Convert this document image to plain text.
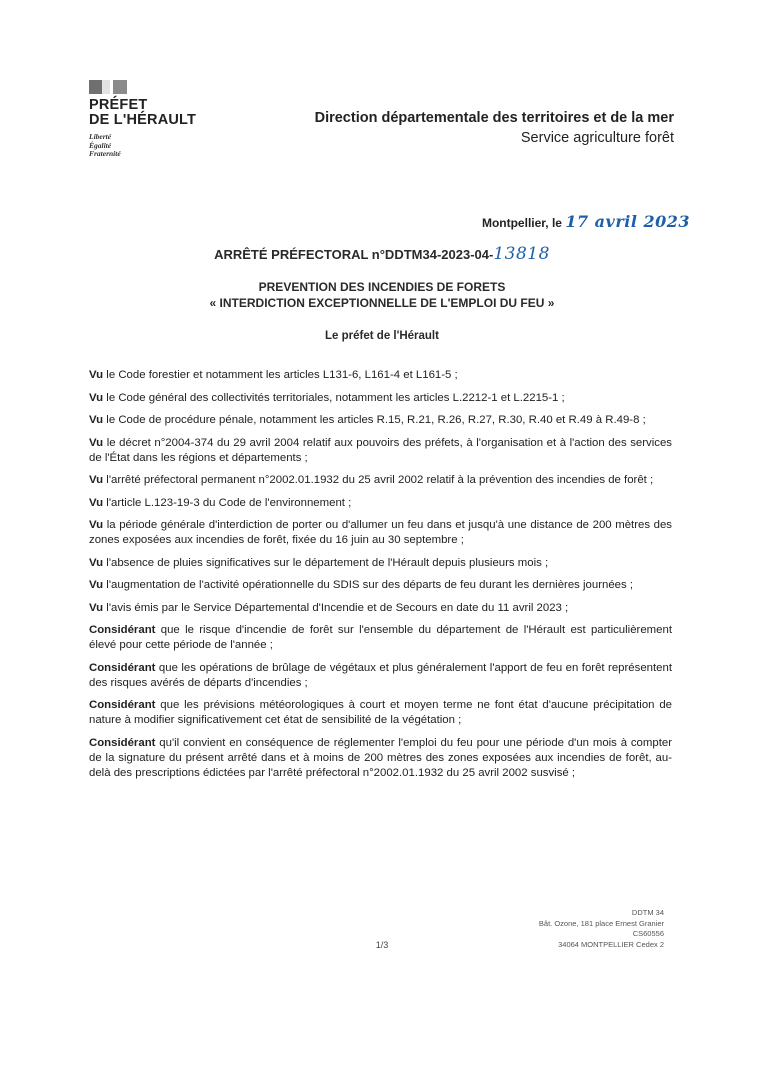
PRÉFET
DE L'HÉRAULT
Liberté
Égalité
Fraternité
Direction départementale des territoires et de la mer
Service agriculture forêt
Montpellier, le 17 avril 2023
ARRÊTÉ PRÉFECTORAL n°DDTM34-2023-04-13818
PREVENTION DES INCENDIES DE FORETS
« INTERDICTION EXCEPTIONNELLE DE L'EMPLOI DU FEU »
Le préfet de l'Hérault

Vu le Code forestier et notamment les articles L131-6, L161-4 et L161-5 ;

Vu le Code général des collectivités territoriales, notamment les articles L.2212-1 et L.2215-1 ;

Vu le Code de procédure pénale, notamment les articles R.15, R.21, R.26, R.27, R.30, R.40 et R.49 à R.49-8 ;

Vu le décret n°2004-374 du 29 avril 2004 relatif aux pouvoirs des préfets, à l'organisation et à l'action des services de l'État dans les régions et départements ;

Vu l'arrêté préfectoral permanent n°2002.01.1932 du 25 avril 2002 relatif à la prévention des incendies de forêt ;

Vu l'article L.123-19-3 du Code de l'environnement ;

Vu la période générale d'interdiction de porter ou d'allumer un feu dans et jusqu'à une distance de 200 mètres des zones exposées aux incendies de forêt, fixée du 16 juin au 30 septembre ;

Vu l'absence de pluies significatives sur le département de l'Hérault depuis plusieurs mois ;

Vu l'augmentation de l'activité opérationnelle du SDIS sur des départs de feu durant les dernières journées ;

Vu l'avis émis par le Service Départemental d'Incendie et de Secours en date du 11 avril 2023 ;

Considérant que le risque d'incendie de forêt sur l'ensemble du département de l'Hérault est particulièrement élevé pour cette période de l'année ;

Considérant que les opérations de brûlage de végétaux et plus généralement l'apport de feu en forêt représentent des risques avérés de départs d'incendies ;

Considérant que les prévisions météorologiques à court et moyen terme ne font état d'aucune précipitation de nature à modifier significativement cet état de sensibilité de la végétation ;

Considérant qu'il convient en conséquence de réglementer l'emploi du feu pour une période d'un mois à compter de la signature du présent arrêté dans et à moins de 200 mètres des zones exposées aux incendies de forêt, au-delà des prescriptions édictées par l'arrêté préfectoral n°2002.01.1932 du 25 avril 2002 susvisé ;

DDTM 34
Bât. Ozone, 181 place Ernest Granier
CS60556
34064 MONTPELLIER Cedex 2
1/3
